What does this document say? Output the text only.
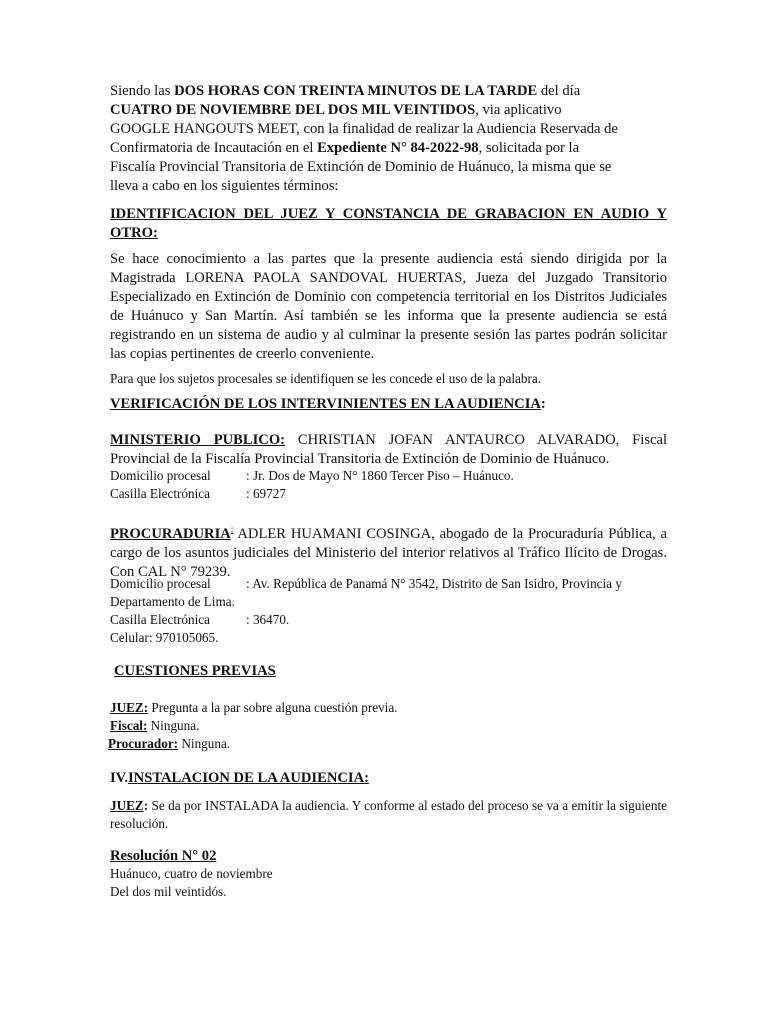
Siendo las DOS HORAS CON TREINTA MINUTOS DE LA TARDE del día

CUATRO DE NOVIEMBRE DEL DOS MIL VEINTIDOS, via aplicativo

GOOGLE HANGOUTS MEET, con la finalidad de realizar la Audiencia Reservada de

Confirmatoria de Incautación en el Expediente N° 84-2022-98, solicitada por la

Fiscalía Provincial Transitoria de Extinción de Dominio de Huánuco, la misma que se

lleva a cabo en los siguientes términos:

IDENTIFICACION DEL JUEZ Y CONSTANCIA DE GRABACION EN AUDIO Y OTRO:
Se hace conocimiento a las partes que la presente audiencia está siendo dirigida por la Magistrada LORENA PAOLA SANDOVAL HUERTAS, Jueza del Juzgado Transitorio Especializado en Extinción de Dominio con competencia territorial en los Distritos Judiciales de Huánuco y San Martín. Así también se les informa que la presente audiencia se está registrando en un sistema de audio y al culminar la presente sesión las partes podrán solicitar las copias pertinentes de creerlo conveniente.
Para que los sujetos procesales se identifiquen se les concede el uso de la palabra.
VERIFICACIÓN DE LOS INTERVINIENTES EN LA AUDIENCIA:
MINISTERIO PUBLICO: CHRISTIAN JOFAN ANTAURCO ALVARADO, Fiscal Provincial de la Fiscalía Provincial Transitoria de Extinción de Dominio de Huánuco.
Domicilio procesal	: Jr. Dos de Mayo N° 1860 Tercer Piso – Huánuco.
Casilla Electrónica	: 69727
PROCURADURIA: ADLER HUAMANI COSINGA, abogado de la Procuraduría Pública, a cargo de los asuntos judiciales del Ministerio del interior relativos al Tráfico Ilícito de Drogas. Con CAL N° 79239.
Domicilio procesal	: Av. República de Panamá N° 3542, Distrito de San Isidro, Provincia y
Departamento de Lima.
Casilla Electrónica	: 36470.
Celular: 970105065.
CUESTIONES PREVIAS
JUEZ: Pregunta a la par sobre alguna cuestión previa.
Fiscal: Ninguna.
Procurador: Ninguna.
IV.INSTALACION DE LA AUDIENCIA:
JUEZ: Se da por INSTALADA la audiencia. Y conforme al estado del proceso se va a emitir la siguiente resolución.
Resolución N° 02
Huánuco, cuatro de noviembre
Del dos mil veintidós.
